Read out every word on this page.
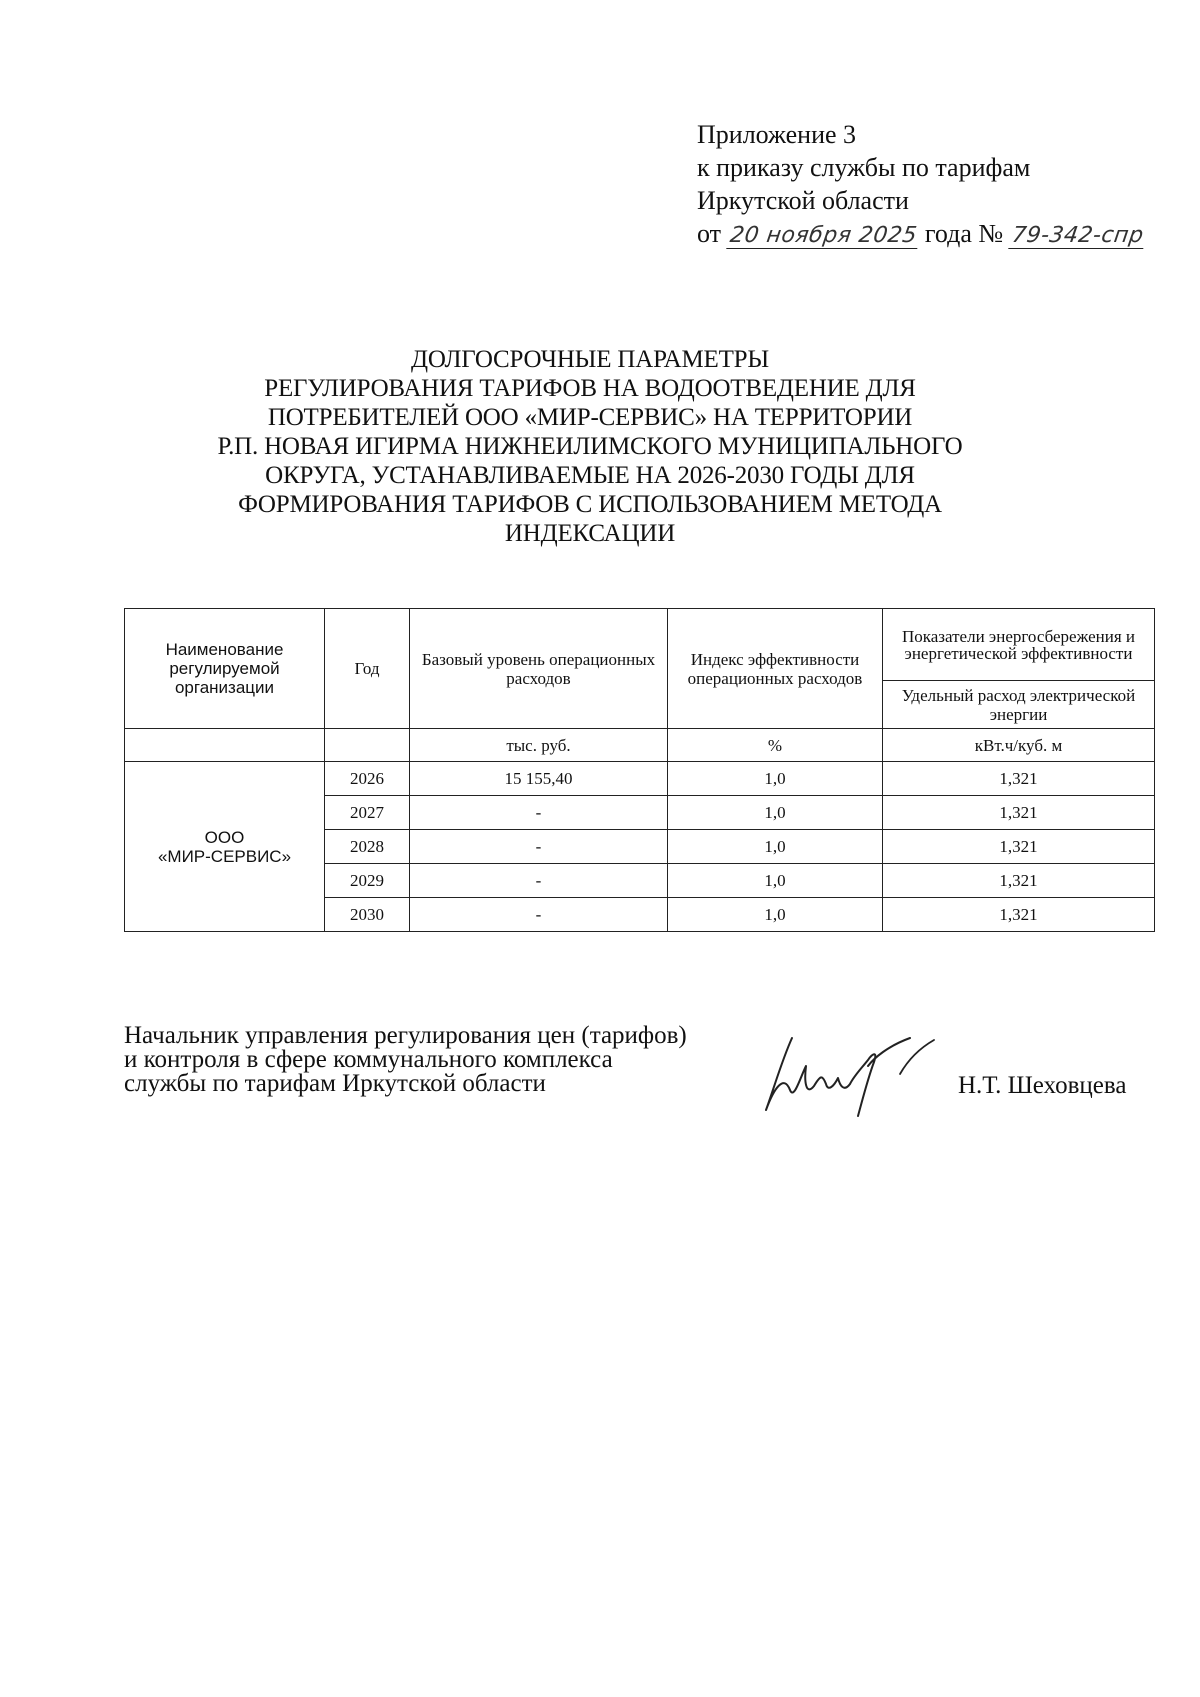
Приложение 3
к приказу службы по тарифам
Иркутской области
от 20 ноября 2025 года № 79-342-спр
ДОЛГОСРОЧНЫЕ ПАРАМЕТРЫ
РЕГУЛИРОВАНИЯ ТАРИФОВ НА ВОДООТВЕДЕНИЕ ДЛЯ
ПОТРЕБИТЕЛЕЙ ООО «МИР-СЕРВИС» НА ТЕРРИТОРИИ
Р.П. НОВАЯ ИГИРМА НИЖНЕИЛИМСКОГО МУНИЦИПАЛЬНОГО
ОКРУГА, УСТАНАВЛИВАЕМЫЕ НА 2026-2030 ГОДЫ ДЛЯ
ФОРМИРОВАНИЯ ТАРИФОВ С ИСПОЛЬЗОВАНИЕМ МЕТОДА
ИНДЕКСАЦИИ
Наименование регулируемой организации	Год	Базовый уровень операционных расходов	Индекс эффективности операционных расходов	Показатели энергосбережения и энергетической эффективности
				Удельный расход электрической энергии
		тыс. руб.	%	кВт.ч/куб. м

ООО
«МИР-СЕРВИС»	2026	15 155,40	1,0	1,321
	2027	-	1,0	1,321
	2028	-	1,0	1,321
	2029	-	1,0	1,321
	2030	-	1,0	1,321
Начальник управления регулирования цен (тарифов)
и контроля в сфере коммунального комплекса
службы по тарифам Иркутской области	Н.Т. Шеховцева
